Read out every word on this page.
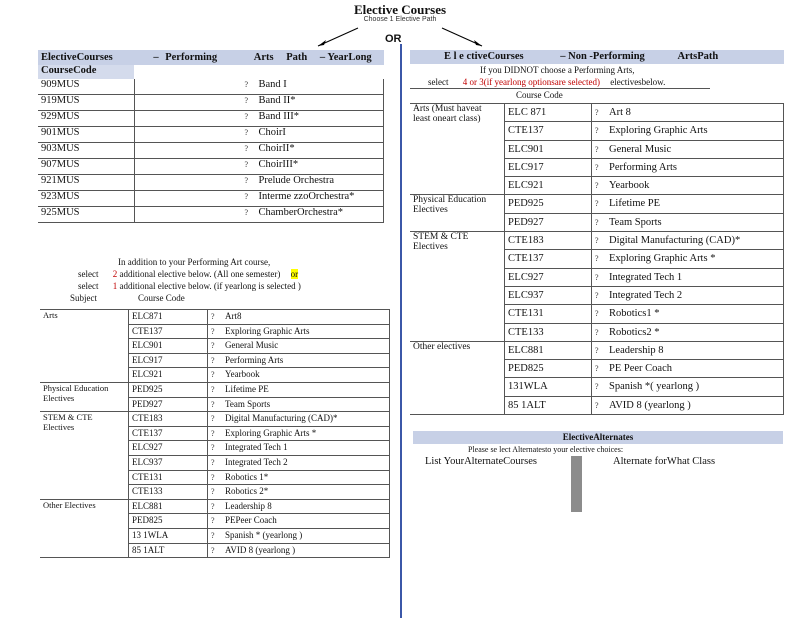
Elective Courses
Choose 1 Elective Path
OR
ElectiveCourses – Performing Arts Path – YearLong	
CourseCode	
909MUS	? Band I
919MUS	? Band II*
929MUS	? Band III*
901MUS	? ChoirI
903MUS	? ChoirII*
907MUS	? ChoirIII*
921MUS	? Prelude Orchestra
923MUS	? Interme zzoOrchestra*
925MUS	? ChamberOrchestra*
In addition to your Performing Art course,
select 2 additional elective below. (All one semester) or
select 1 additional elective below. (if yearlong is selected )
Subject	Course Code
Arts	ELC871	? Art8
	CTE137	? Exploring Graphic Arts
	ELC901	? General Music
	ELC917	? Performing Arts
	ELC921	? Yearbook
Physical Education Electives	PED925	? Lifetime PE
	PED927	? Team Sports
STEM & CTE Electives	CTE183	? Digital Manufacturing (CAD)*
	CTE137	? Exploring Graphic Arts *
	ELC927	? Integrated Tech 1
	ELC937	? Integrated Tech 2
	CTE131	? Robotics 1*
	CTE133	? Robotics 2*
Other Electives	ELC881	? Leadership 8
	PED825	? PEPeer Coach
	13 1WLA	? Spanish * (yearlong )
	85 1ALT	? AVID 8 (yearlong )

E l e ctiveCourses	– Non -Performing	ArtsPath
If you DIDNOT choose a Performing Arts,
select 4 or 3(if yearlong optionsare selected) electivesbelow.
Course Code
Arts (Must haveat least oneart class)	ELC 871	? Art 8
	CTE137	? Exploring Graphic Arts
	ELC901	? General Music
	ELC917	? Performing Arts
	ELC921	? Yearbook
Physical Education Electives	PED925	? Lifetime PE
	PED927	? Team Sports
STEM & CTE Electives	CTE183	? Digital Manufacturing (CAD)*
	CTE137	? Exploring Graphic Arts *
	ELC927	? Integrated Tech 1
	ELC937	? Integrated Tech 2
	CTE131	? Robotics1 *
	CTE133	? Robotics2 *
Other electives	ELC881	? Leadership 8
	PED825	? PE Peer Coach
	131WLA	? Spanish *( yearlong )
	85 1ALT	? AVID 8 (yearlong )

ElectiveAlternates
Please se lect Alternatesto your elective choices:
List YourAlternateCourses	Alternate forWhat Class
